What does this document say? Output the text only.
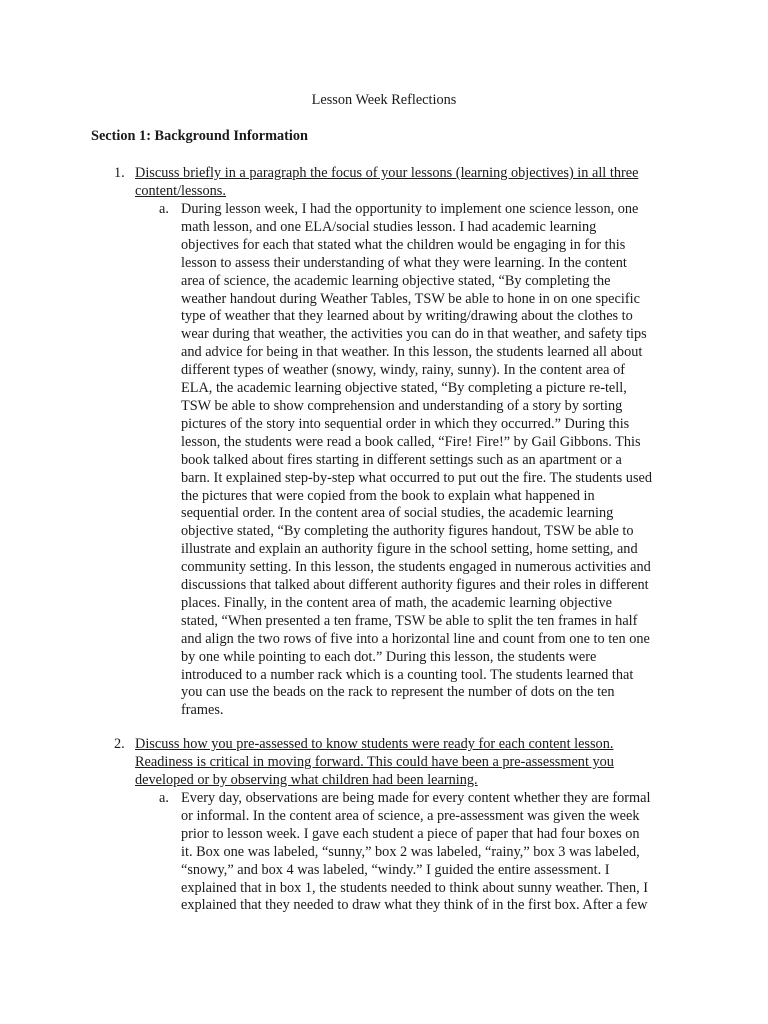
Lesson Week Reflections
Section 1: Background Information
1. Discuss briefly in a paragraph the focus of your lessons (learning objectives) in all three
content/lessons.
a. During lesson week, I had the opportunity to implement one science lesson, one
math lesson, and one ELA/social studies lesson. I had academic learning
objectives for each that stated what the children would be engaging in for this
lesson to assess their understanding of what they were learning. In the content
area of science, the academic learning objective stated, “By completing the
weather handout during Weather Tables, TSW be able to hone in on one specific
type of weather that they learned about by writing/drawing about the clothes to
wear during that weather, the activities you can do in that weather, and safety tips
and advice for being in that weather. In this lesson, the students learned all about
different types of weather (snowy, windy, rainy, sunny). In the content area of
ELA, the academic learning objective stated, “By completing a picture re-tell,
TSW be able to show comprehension and understanding of a story by sorting
pictures of the story into sequential order in which they occurred.” During this
lesson, the students were read a book called, “Fire! Fire!” by Gail Gibbons. This
book talked about fires starting in different settings such as an apartment or a
barn. It explained step-by-step what occurred to put out the fire. The students used
the pictures that were copied from the book to explain what happened in
sequential order. In the content area of social studies, the academic learning
objective stated, “By completing the authority figures handout, TSW be able to
illustrate and explain an authority figure in the school setting, home setting, and
community setting. In this lesson, the students engaged in numerous activities and
discussions that talked about different authority figures and their roles in different
places. Finally, in the content area of math, the academic learning objective
stated, “When presented a ten frame, TSW be able to split the ten frames in half
and align the two rows of five into a horizontal line and count from one to ten one
by one while pointing to each dot.” During this lesson, the students were
introduced to a number rack which is a counting tool. The students learned that
you can use the beads on the rack to represent the number of dots on the ten
frames.
2. Discuss how you pre-assessed to know students were ready for each content lesson.
Readiness is critical in moving forward. This could have been a pre-assessment you
developed or by observing what children had been learning.
a. Every day, observations are being made for every content whether they are formal
or informal. In the content area of science, a pre-assessment was given the week
prior to lesson week. I gave each student a piece of paper that had four boxes on
it. Box one was labeled, “sunny,” box 2 was labeled, “rainy,” box 3 was labeled,
“snowy,” and box 4 was labeled, “windy.” I guided the entire assessment. I
explained that in box 1, the students needed to think about sunny weather. Then, I
explained that they needed to draw what they think of in the first box. After a few
